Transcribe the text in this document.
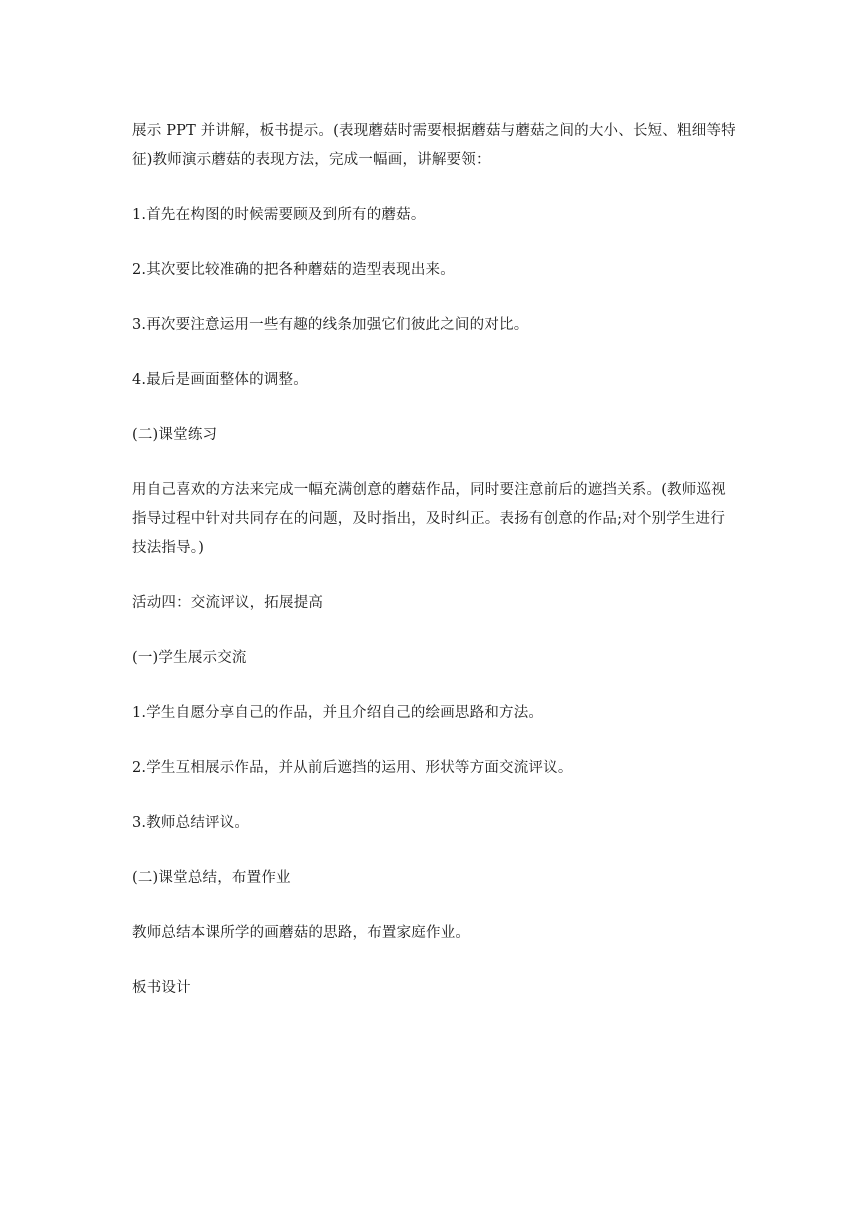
展示 PPT 并讲解，板书提示。(表现蘑菇时需要根据蘑菇与蘑菇之间的大小、长短、粗细等特征)教师演示蘑菇的表现方法，完成一幅画，讲解要领：

1.首先在构图的时候需要顾及到所有的蘑菇。

2.其次要比较准确的把各种蘑菇的造型表现出来。

3.再次要注意运用一些有趣的线条加强它们彼此之间的对比。

4.最后是画面整体的调整。

(二)课堂练习

用自己喜欢的方法来完成一幅充满创意的蘑菇作品，同时要注意前后的遮挡关系。(教师巡视指导过程中针对共同存在的问题，及时指出，及时纠正。表扬有创意的作品;对个别学生进行技法指导。)

活动四：交流评议，拓展提高

(一)学生展示交流

1.学生自愿分享自己的作品，并且介绍自己的绘画思路和方法。

2.学生互相展示作品，并从前后遮挡的运用、形状等方面交流评议。

3.教师总结评议。

(二)课堂总结，布置作业

教师总结本课所学的画蘑菇的思路，布置家庭作业。

板书设计
